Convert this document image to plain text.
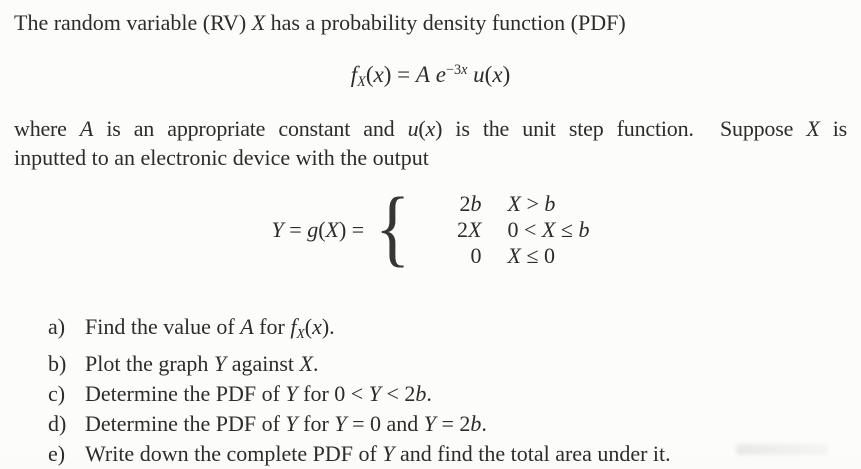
The random variable (RV) X has a probability density function (PDF)

$f_X(x) = A$ $e^{-3x}$ u(x)

where A is an appropriate constant and u(x) is the unit step function.  Suppose X is

inputted to an electronic device with the output

Y = g(X) = {	2b X > b
2X 0 < X ≤ b
0 X ≤ 0
a) Find the value of A for $f_X(x)$.
b) Plot the graph Y against X.
c) Determine the PDF of Y for 0 < Y < 2b.
d) Determine the PDF of Y for Y = 0 and Y = 2b.
e) Write down the complete PDF of Y and find the total area under it.
